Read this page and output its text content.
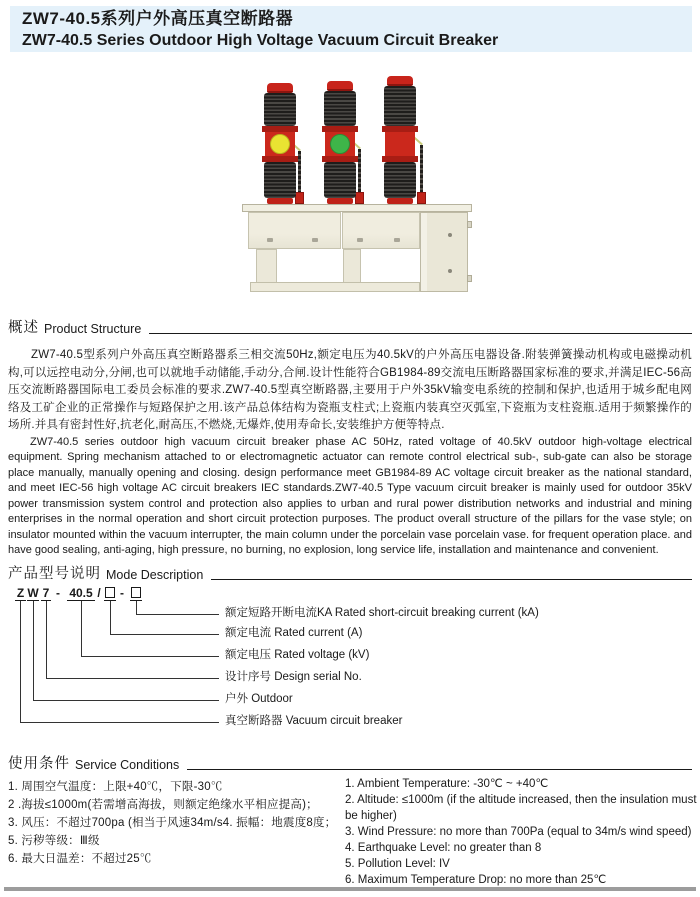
ZW7-40.5系列户外高压真空断路器
ZW7-40.5 Series Outdoor High Voltage Vacuum Circuit Breaker
概述 Product Structure

ZW7-40.5型系列户外高压真空断路器系三相交流50Hz,额定电压为40.5kV的户外高压电器设备.附装弹簧操动机构或电磁操动机构,可以远控电动分,分闸,也可以就地手动储能,手动分,合闸.设计性能符合GB1984-89交流电压断路器国家标准的要求,并满足IEC-56高压交流断路器国际电工委员会标准的要求.ZW7-40.5型真空断路器,主要用于户外35kV输变电系统的控制和保护,也适用于城乡配电网络及工矿企业的正常操作与短路保护之用.该产品总体结构为瓷瓶支柱式;上瓷瓶内装真空灭弧室,下瓷瓶为支柱瓷瓶.适用于频繁操作的场所.并具有密封性好,抗老化,耐高压,不燃烧,无爆炸,使用寿命长,安装维护方便等特点.

ZW7-40.5 series outdoor high vacuum circuit breaker phase AC 50Hz, rated voltage of 40.5kV outdoor high-voltage electrical equipment. Spring mechanism attached to or electromagnetic actuator can remote control electrical sub-, sub-gate can also be storage place manually, manually opening and closing. design performance meet GB1984-89 AC voltage circuit breaker as the national standard, and meet IEC-56 high voltage AC circuit breakers IEC standards.ZW7-40.5 Type vacuum circuit breaker is mainly used for outdoor 35kV power transmission system control and protection also applies to urban and rural power distribution networks and industrial and mining enterprises in the normal operation and short circuit protection purposes. The product overall structure of the pillars for the vase style; on insulator mounted within the vacuum interrupter, the main column under the porcelain vase porcelain vase. for frequent operation place. and have good sealing, anti-aging, high pressure, no burning, no explosion, long service life, installation and maintenance and convenient.

产品型号说明 Mode Description
Z W 7 - 40.5 / -
额定短路开断电流KA Rated short-circuit breaking current (kA)
额定电流 Rated current (A)
额定电压 Rated voltage (kV)
设计序号 Design serial No.
户外 Outdoor
真空断路器 Vacuum circuit breaker
使用条件 Service Conditions
1. 周围空气温度：上限+40℃，下限-30℃
2 .海拔≤1000m(若需增高海拔，则额定绝缘水平相应提高)；
3. 风压：不超过700pa (相当于风速34m/s4. 振幅：地震度8度；
5. 污秽等级：Ⅲ级
6. 最大日温差：不超过25℃
1. Ambient Temperature: -30℃ ~ +40℃
2. Altitude: ≤1000m (if the altitude increased, then the insulation must be higher)
3. Wind Pressure: no more than 700Pa (equal to 34m/s wind speed)
4. Earthquake Level: no greater than 8
5. Pollution Level: IV
6. Maximum Temperature Drop: no more than 25℃
